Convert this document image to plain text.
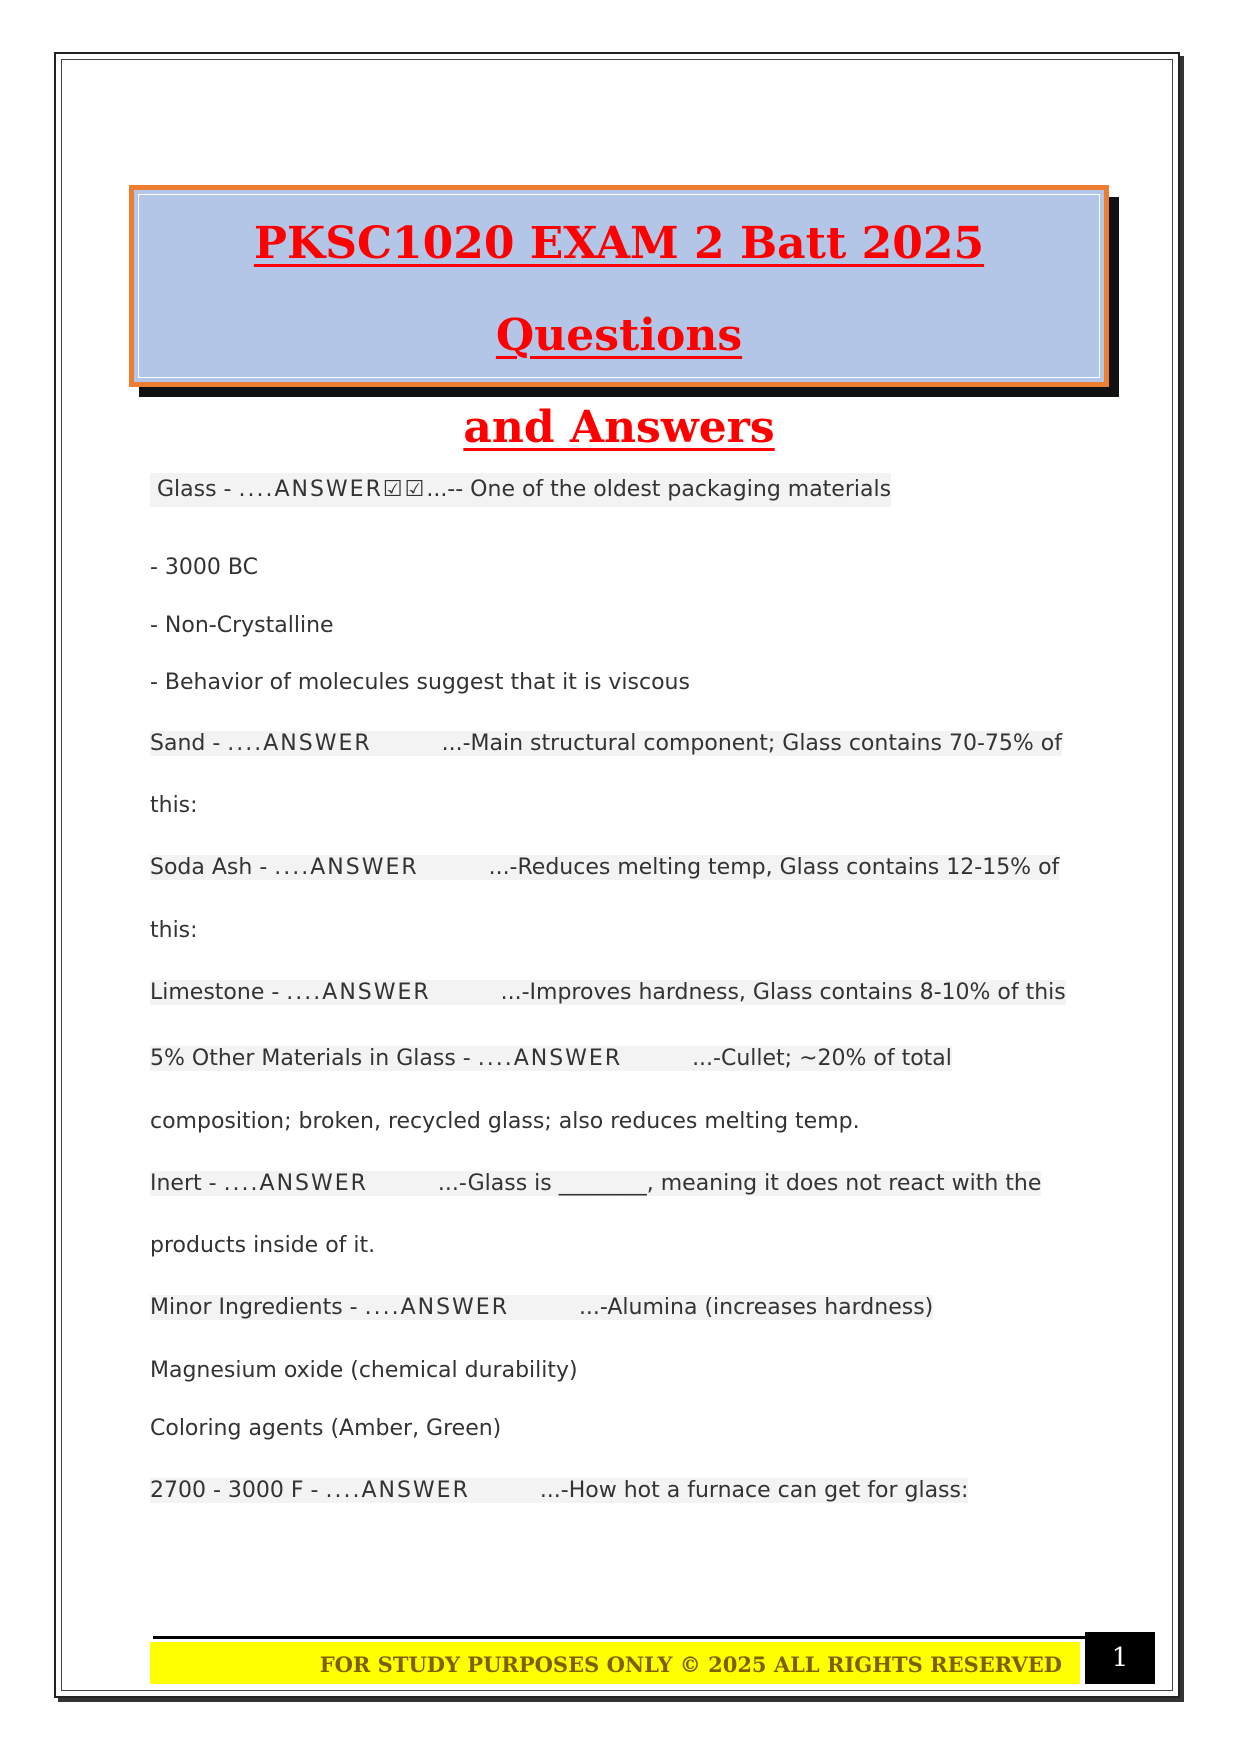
PKSC1020 EXAM 2 Batt 2025 Questions
and Answers
Glass - ....ANSWER☑☑...-- One of the oldest packaging materials
- 3000 BC
- Non-Crystalline
- Behavior of molecules suggest that it is viscous
Sand - ....ANSWER	...-Main structural component; Glass contains 70-75% of
this:
Soda Ash - ....ANSWER	...-Reduces melting temp, Glass contains 12-15% of
this:
Limestone - ....ANSWER	...-Improves hardness, Glass contains 8-10% of this
5% Other Materials in Glass - ....ANSWER	...-Cullet; ~20% of total
composition; broken, recycled glass; also reduces melting temp.
Inert - ....ANSWER	...-Glass is ________, meaning it does not react with the
products inside of it.
Minor Ingredients - ....ANSWER	...-Alumina (increases hardness)
Magnesium oxide (chemical durability)
Coloring agents (Amber, Green)
2700 - 3000 F - ....ANSWER	...-How hot a furnace can get for glass:
FOR STUDY PURPOSES ONLY © 2025 ALL RIGHTS RESERVED	1
